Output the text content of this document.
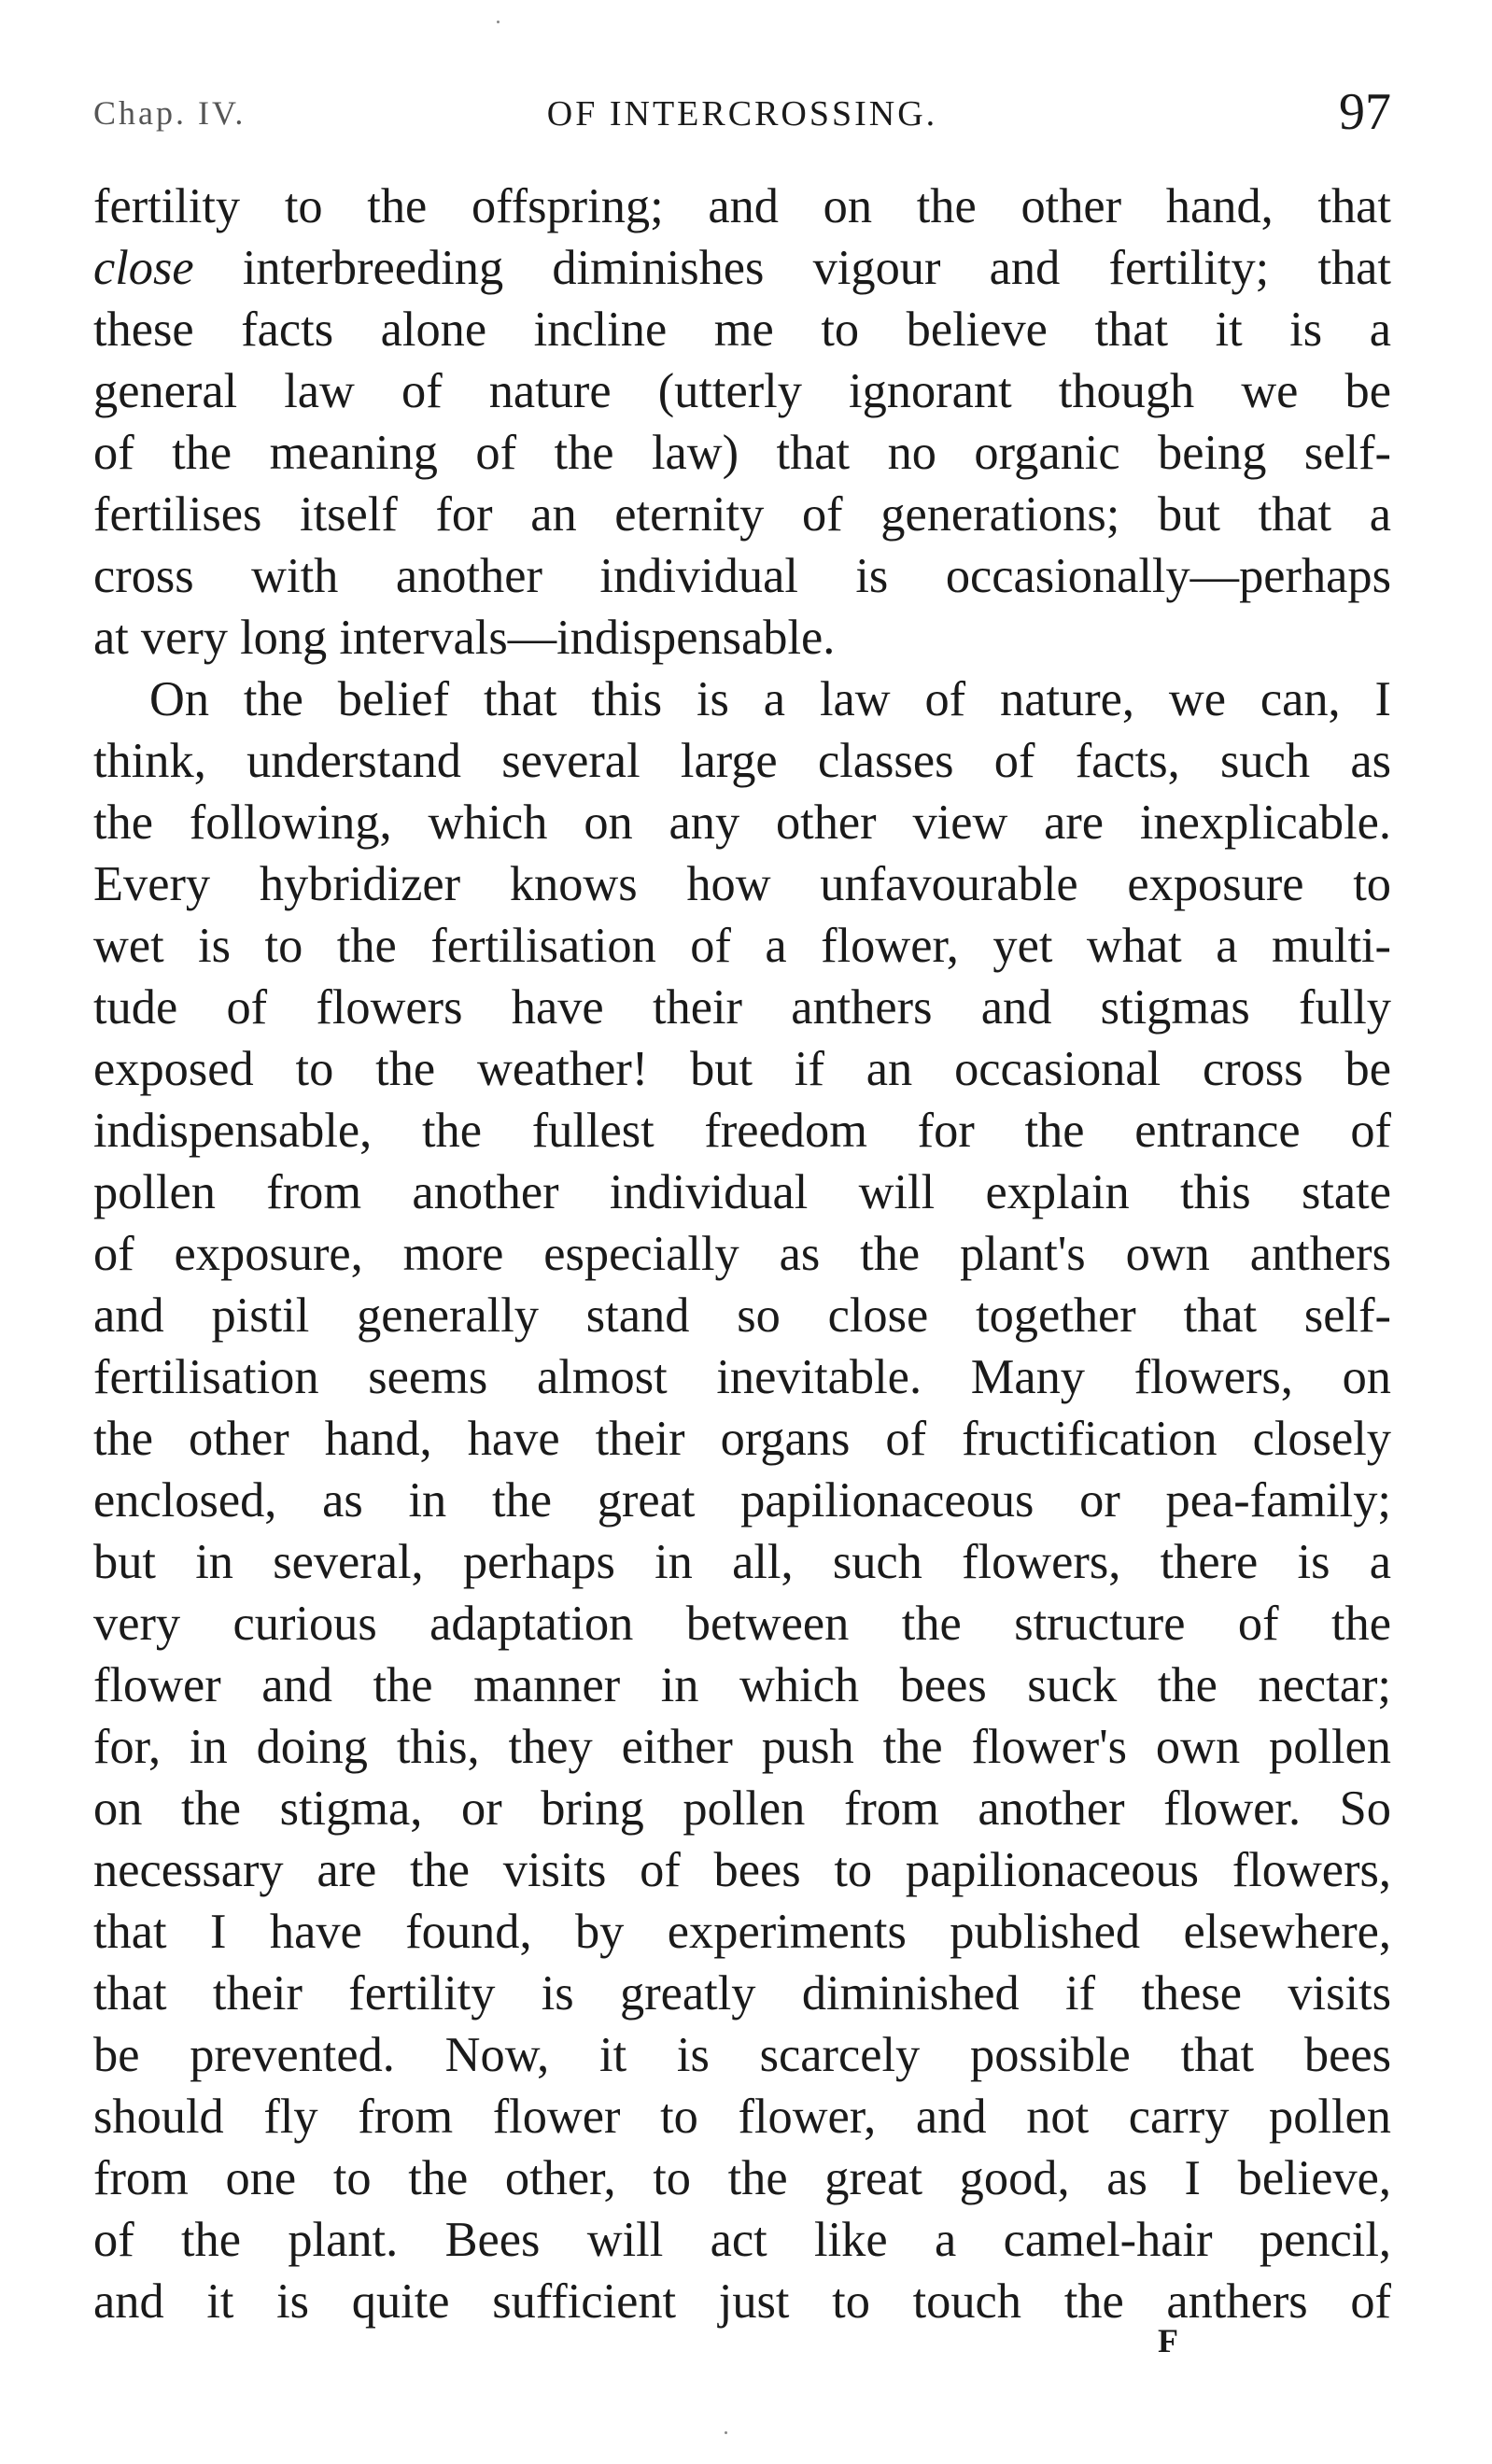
Chap. IV.	OF INTERCROSSING.	97
fertility to the offspring; and on the other hand, that
close interbreeding diminishes vigour and fertility; that
these facts alone incline me to believe that it is a
general law of nature (utterly ignorant though we be
of the meaning of the law) that no organic being self-
fertilises itself for an eternity of generations; but that a
cross with another individual is occasionally—perhaps
at very long intervals—indispensable.
On the belief that this is a law of nature, we can, I
think, understand several large classes of facts, such as
the following, which on any other view are inexplicable.
Every hybridizer knows how unfavourable exposure to
wet is to the fertilisation of a flower, yet what a multi-
tude of flowers have their anthers and stigmas fully
exposed to the weather! but if an occasional cross be
indispensable, the fullest freedom for the entrance of
pollen from another individual will explain this state
of exposure, more especially as the plant's own anthers
and pistil generally stand so close together that self-
fertilisation seems almost inevitable. Many flowers, on
the other hand, have their organs of fructification closely
enclosed, as in the great papilionaceous or pea-family;
but in several, perhaps in all, such flowers, there is a
very curious adaptation between the structure of the
flower and the manner in which bees suck the nectar;
for, in doing this, they either push the flower's own pollen
on the stigma, or bring pollen from another flower. So
necessary are the visits of bees to papilionaceous flowers,
that I have found, by experiments published elsewhere,
that their fertility is greatly diminished if these visits
be prevented. Now, it is scarcely possible that bees
should fly from flower to flower, and not carry pollen
from one to the other, to the great good, as I believe,
of the plant. Bees will act like a camel-hair pencil,
and it is quite sufficient just to touch the anthers of
F
